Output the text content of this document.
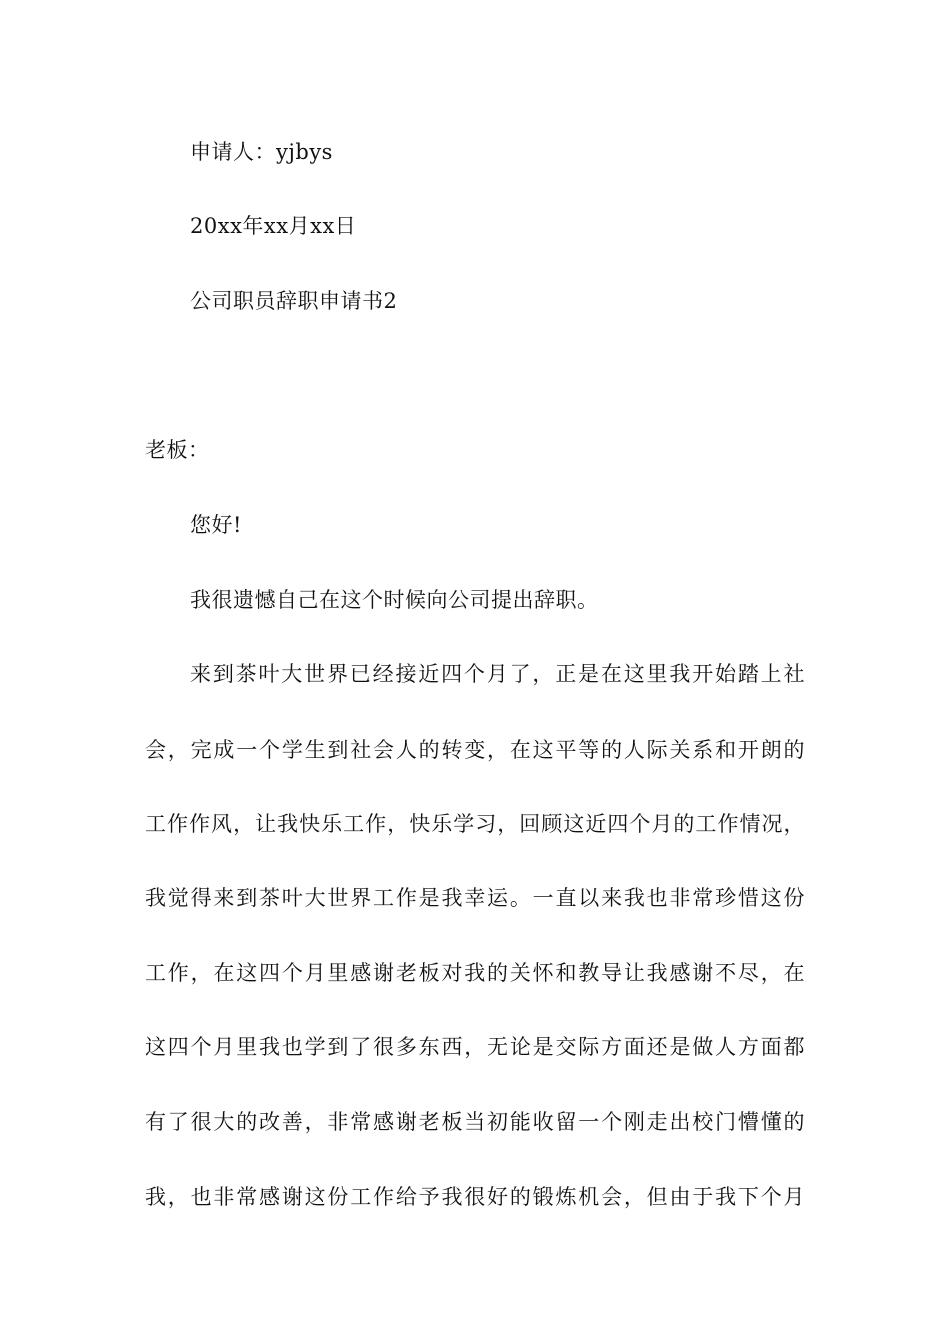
申请人：yjbys

20xx年xx月xx日

公司职员辞职申请书2

老板：

您好!

我很遗憾自己在这个时候向公司提出辞职。

来到茶叶大世界已经接近四个月了，正是在这里我开始踏上社

会，完成一个学生到社会人的转变，在这平等的人际关系和开朗的

工作作风，让我快乐工作，快乐学习，回顾这近四个月的工作情况，

我觉得来到茶叶大世界工作是我幸运。一直以来我也非常珍惜这份

工作，在这四个月里感谢老板对我的关怀和教导让我感谢不尽，在

这四个月里我也学到了很多东西，无论是交际方面还是做人方面都

有了很大的改善，非常感谢老板当初能收留一个刚走出校门懵懂的

我，也非常感谢这份工作给予我很好的锻炼机会，但由于我下个月
